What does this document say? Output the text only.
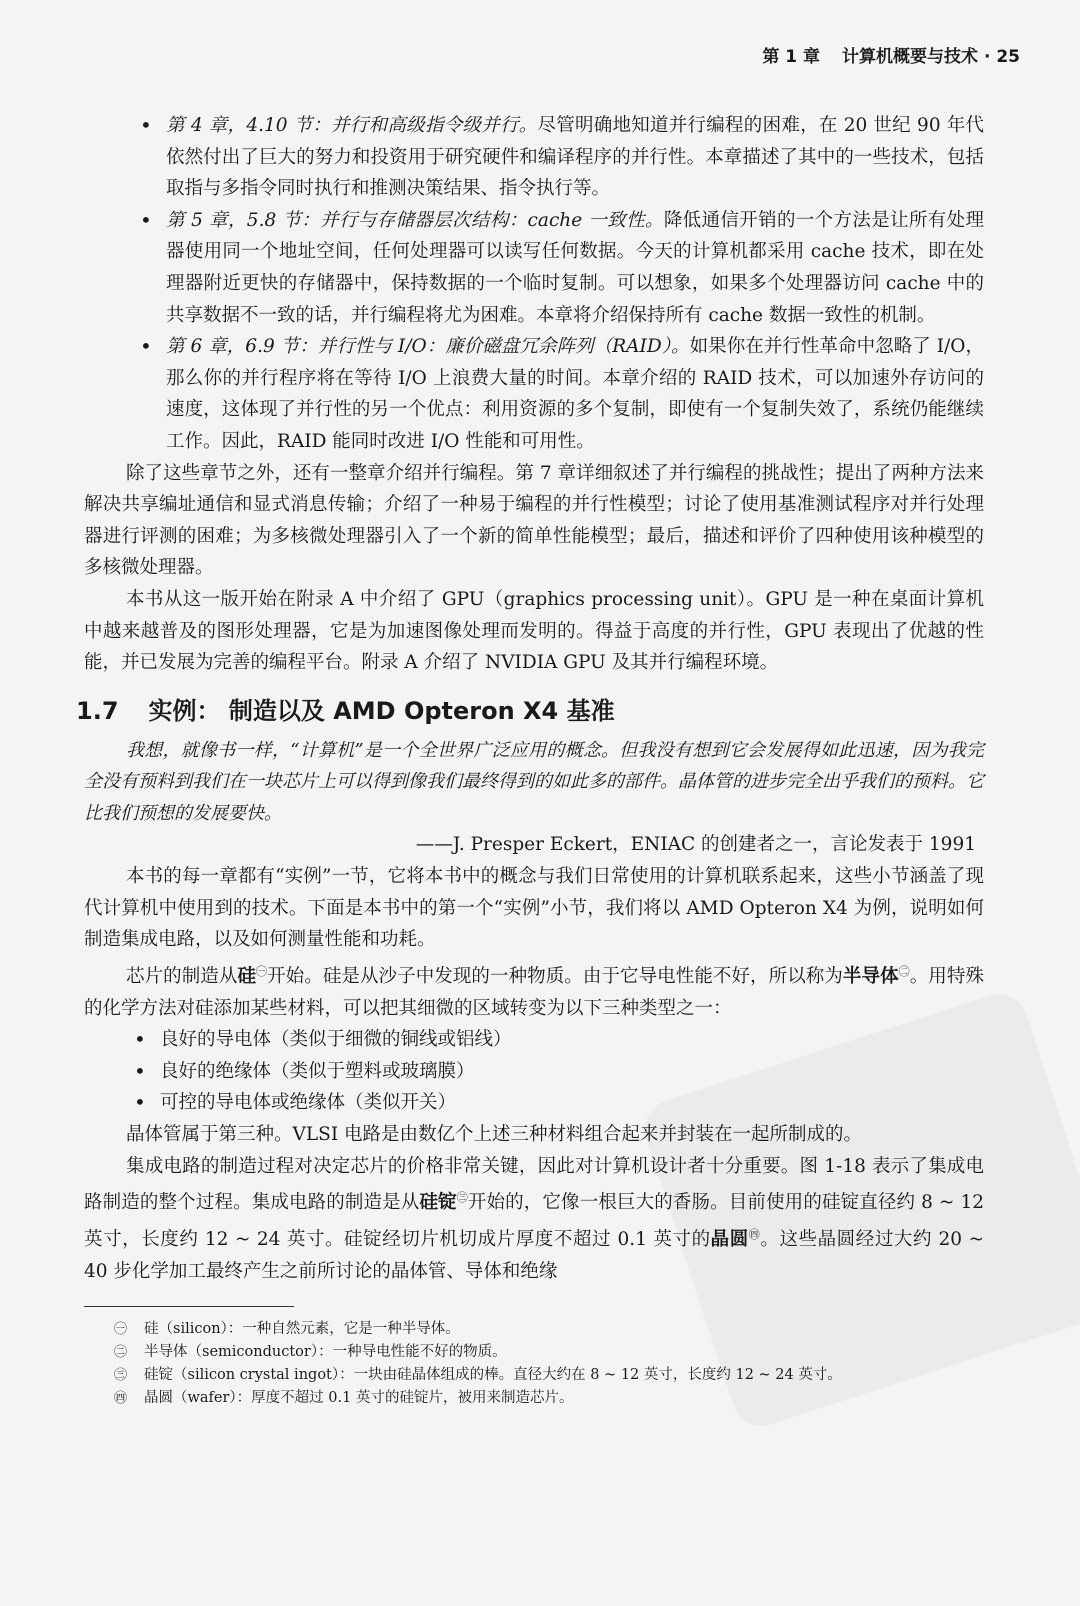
第 1 章 计算机概要与技术 · 25
• 第 4 章，4.10 节：并行和高级指令级并行。尽管明确地知道并行编程的困难，在 20 世纪 90 年代依然付出了巨大的努力和投资用于研究硬件和编译程序的并行性。本章描述了其中的一些技术，包括取指与多指令同时执行和推测决策结果、指令执行等。
• 第 5 章，5.8 节：并行与存储器层次结构：cache 一致性。降低通信开销的一个方法是让所有处理器使用同一个地址空间，任何处理器可以读写任何数据。今天的计算机都采用 cache 技术，即在处理器附近更快的存储器中，保持数据的一个临时复制。可以想象，如果多个处理器访问 cache 中的共享数据不一致的话，并行编程将尤为困难。本章将介绍保持所有 cache 数据一致性的机制。
• 第 6 章，6.9 节：并行性与 I/O：廉价磁盘冗余阵列（RAID）。如果你在并行性革命中忽略了 I/O，那么你的并行程序将在等待 I/O 上浪费大量的时间。本章介绍的 RAID 技术，可以加速外存访问的速度，这体现了并行性的另一个优点：利用资源的多个复制，即使有一个复制失效了，系统仍能继续工作。因此，RAID 能同时改进 I/O 性能和可用性。

除了这些章节之外，还有一整章介绍并行编程。第 7 章详细叙述了并行编程的挑战性；提出了两种方法来解决共享编址通信和显式消息传输；介绍了一种易于编程的并行性模型；讨论了使用基准测试程序对并行处理器进行评测的困难；为多核微处理器引入了一个新的简单性能模型；最后，描述和评价了四种使用该种模型的多核微处理器。

本书从这一版开始在附录 A 中介绍了 GPU（graphics processing unit）。GPU 是一种在桌面计算机中越来越普及的图形处理器，它是为加速图像处理而发明的。得益于高度的并行性，GPU 表现出了优越的性能，并已发展为完善的编程平台。附录 A 介绍了 NVIDIA GPU 及其并行编程环境。

1.7 实例： 制造以及 AMD Opteron X4 基准
我想，就像书一样，“计算机”是一个全世界广泛应用的概念。但我没有想到它会发展得如此迅速，因为我完全没有预料到我们在一块芯片上可以得到像我们最终得到的如此多的部件。晶体管的进步完全出乎我们的预料。它比我们预想的发展要快。
——J. Presper Eckert，ENIAC 的创建者之一，言论发表于 1991

本书的每一章都有“实例”一节，它将本书中的概念与我们日常使用的计算机联系起来，这些小节涵盖了现代计算机中使用到的技术。下面是本书中的第一个“实例”小节，我们将以 AMD Opteron X4 为例，说明如何制造集成电路，以及如何测量性能和功耗。

芯片的制造从硅$^㊀$开始。硅是从沙子中发现的一种物质。由于它导电性能不好，所以称为半导体$^㊁$。用特殊的化学方法对硅添加某些材料，可以把其细微的区域转变为以下三种类型之一：

• 良好的导电体（类似于细微的铜线或铝线）
• 良好的绝缘体（类似于塑料或玻璃膜）
• 可控的导电体或绝缘体（类似开关）

晶体管属于第三种。VLSI 电路是由数亿个上述三种材料组合起来并封装在一起所制成的。

集成电路的制造过程对决定芯片的价格非常关键，因此对计算机设计者十分重要。图 1-18 表示了集成电路制造的整个过程。集成电路的制造是从硅锭$^㊂$开始的，它像一根巨大的香肠。目前使用的硅锭直径约 8 ~ 12 英寸，长度约 12 ~ 24 英寸。硅锭经切片机切成片厚度不超过 0.1 英寸的晶圆$^㊃$。这些晶圆经过大约 20 ~ 40 步化学加工最终产生之前所讨论的晶体管、导体和绝缘

㊀ 硅（silicon）：一种自然元素，它是一种半导体。
㊁ 半导体（semiconductor）：一种导电性能不好的物质。
㊂ 硅锭（silicon crystal ingot）：一块由硅晶体组成的棒。直径大约在 8 ~ 12 英寸，长度约 12 ~ 24 英寸。
㊃ 晶圆（wafer）：厚度不超过 0.1 英寸的硅锭片，被用来制造芯片。
